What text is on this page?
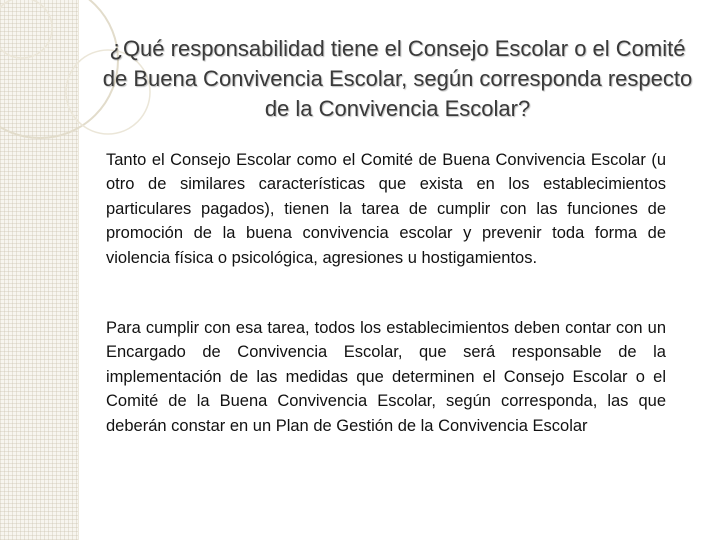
¿Qué responsabilidad tiene el Consejo Escolar o el Comité de Buena Convivencia Escolar, según corresponda respecto de la Convivencia Escolar?

Tanto el Consejo Escolar como el Comité de Buena Convivencia Escolar (u otro de similares características que exista en los establecimientos particulares pagados), tienen la tarea de cumplir con las funciones de promoción de la buena convivencia escolar y prevenir toda forma de violencia física o psicológica, agresiones u hostigamientos.

Para cumplir con esa tarea, todos los establecimientos deben contar con un Encargado de Convivencia Escolar, que será responsable de la implementación de las medidas que determinen el Consejo Escolar o el Comité de la Buena Convivencia Escolar, según corresponda, las que deberán constar en un Plan de Gestión de la Convivencia Escolar
